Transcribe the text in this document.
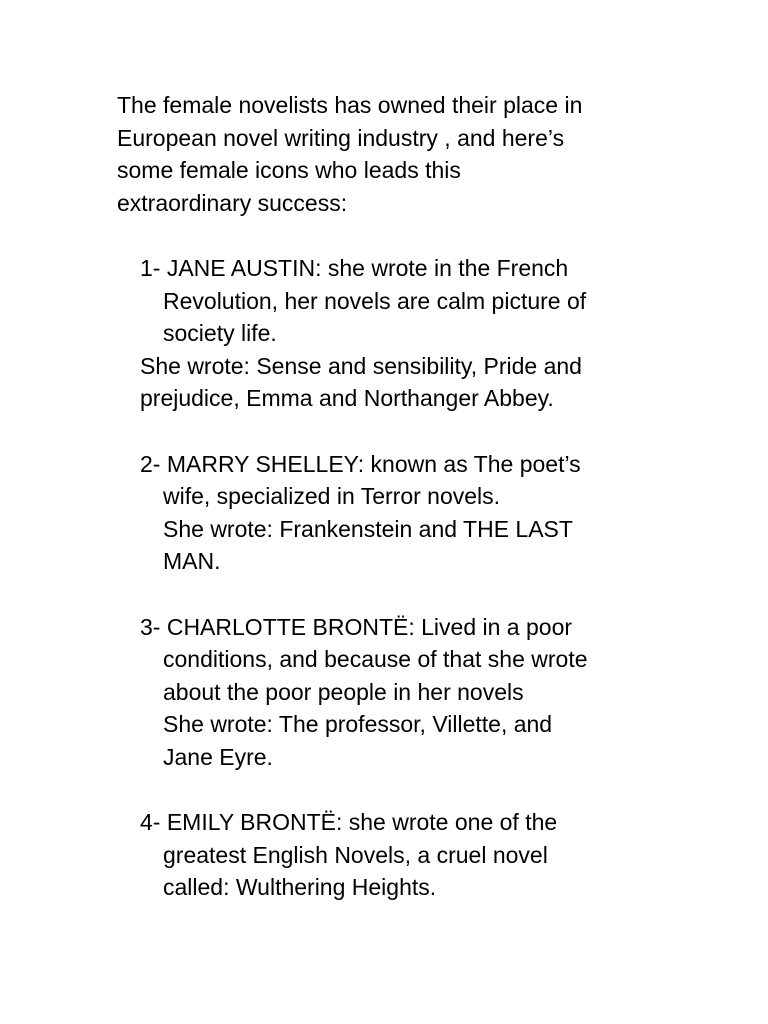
The female novelists has owned their place in

European novel writing industry , and here’s

some female icons who leads this

extraordinary success:

1- JANE AUSTIN: she wrote in the French

Revolution, her novels are calm picture of

society life.

She wrote: Sense and sensibility, Pride and

prejudice, Emma and Northanger Abbey.

2- MARRY SHELLEY: known as The poet’s

wife, specialized in Terror novels.

She wrote: Frankenstein and THE LAST

MAN.

3- CHARLOTTE BRONTË: Lived in a poor

conditions, and because of that she wrote

about the poor people in her novels

She wrote: The professor, Villette, and

Jane Eyre.

4- EMILY BRONTË: she wrote one of the

greatest English Novels, a cruel novel

called: Wulthering Heights.
